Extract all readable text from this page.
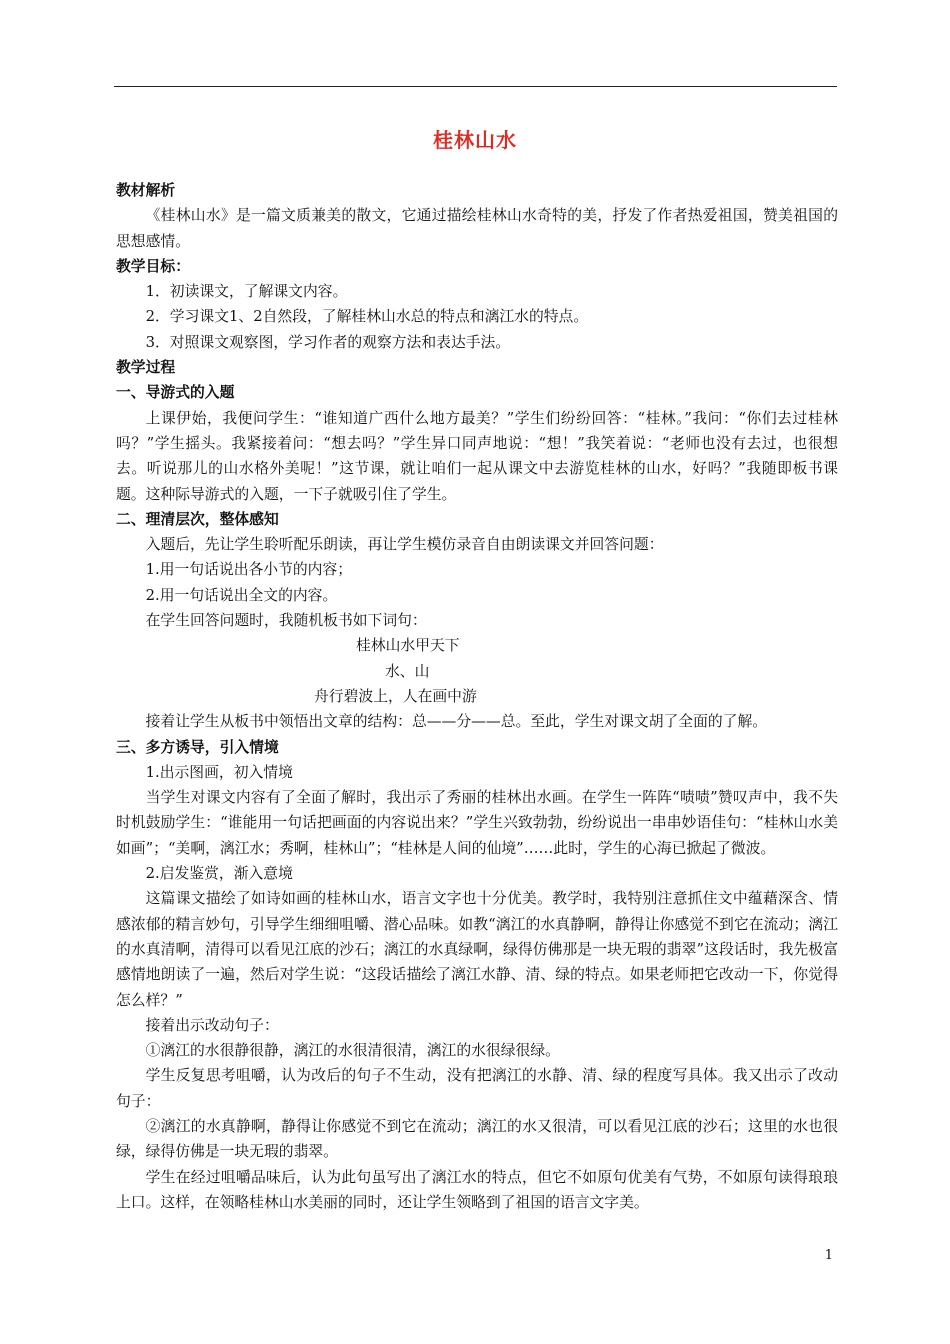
桂林山水

教材解析

《桂林山水》是一篇文质兼美的散文，它通过描绘桂林山水奇特的美，抒发了作者热爱祖国，赞美祖国的思想感情。

教学目标：

1．初读课文，了解课文内容。

2．学习课文1、2自然段，了解桂林山水总的特点和漓江水的特点。

3．对照课文观察图，学习作者的观察方法和表达手法。

教学过程

一、导游式的入题

上课伊始，我便问学生：“谁知道广西什么地方最美？”学生们纷纷回答：“桂林。”我问：“你们去过桂林吗？”学生摇头。我紧接着问：“想去吗？”学生异口同声地说：“想！”我笑着说：“老师也没有去过，也很想去。听说那儿的山水格外美呢！”这节课，就让咱们一起从课文中去游览桂林的山水，好吗？”我随即板书课题。这种际导游式的入题，一下子就吸引住了学生。

二、理清层次，整体感知

入题后，先让学生聆听配乐朗读，再让学生模仿录音自由朗读课文并回答问题：

1.用一句话说出各小节的内容；

2.用一句话说出全文的内容。

在学生回答问题时，我随机板书如下词句：

桂林山水甲天下

水、山

舟行碧波上，人在画中游

接着让学生从板书中领悟出文章的结构：总——分——总。至此，学生对课文胡了全面的了解。

三、多方诱导，引入情境

1.出示图画，初入情境

当学生对课文内容有了全面了解时，我出示了秀丽的桂林出水画。在学生一阵阵“啧啧”赞叹声中，我不失时机鼓励学生：“谁能用一句话把画面的内容说出来？”学生兴致勃勃，纷纷说出一串串妙语佳句：“桂林山水美如画”；“美啊，漓江水；秀啊，桂林山”；“桂林是人间的仙境”……此时，学生的心海已掀起了微波。

2.启发鉴赏，渐入意境

这篇课文描绘了如诗如画的桂林山水，语言文字也十分优美。教学时，我特别注意抓住文中蕴藉深含、情感浓郁的精言妙句，引导学生细细咀嚼、潜心品味。如教“漓江的水真静啊，静得让你感觉不到它在流动；漓江的水真清啊，清得可以看见江底的沙石；漓江的水真绿啊，绿得仿佛那是一块无瑕的翡翠”这段话时，我先极富感情地朗读了一遍，然后对学生说：“这段话描绘了漓江水静、清、绿的特点。如果老师把它改动一下，你觉得怎么样？”

接着出示改动句子：

①漓江的水很静很静，漓江的水很清很清，漓江的水很绿很绿。

学生反复思考咀嚼，认为改后的句子不生动，没有把漓江的水静、清、绿的程度写具体。我又出示了改动句子：

②漓江的水真静啊，静得让你感觉不到它在流动；漓江的水又很清，可以看见江底的沙石；这里的水也很绿，绿得仿佛是一块无瑕的翡翠。

学生在经过咀嚼品味后，认为此句虽写出了漓江水的特点，但它不如原句优美有气势，不如原句读得琅琅上口。这样，在领略桂林山水美丽的同时，还让学生领略到了祖国的语言文字美。

1
